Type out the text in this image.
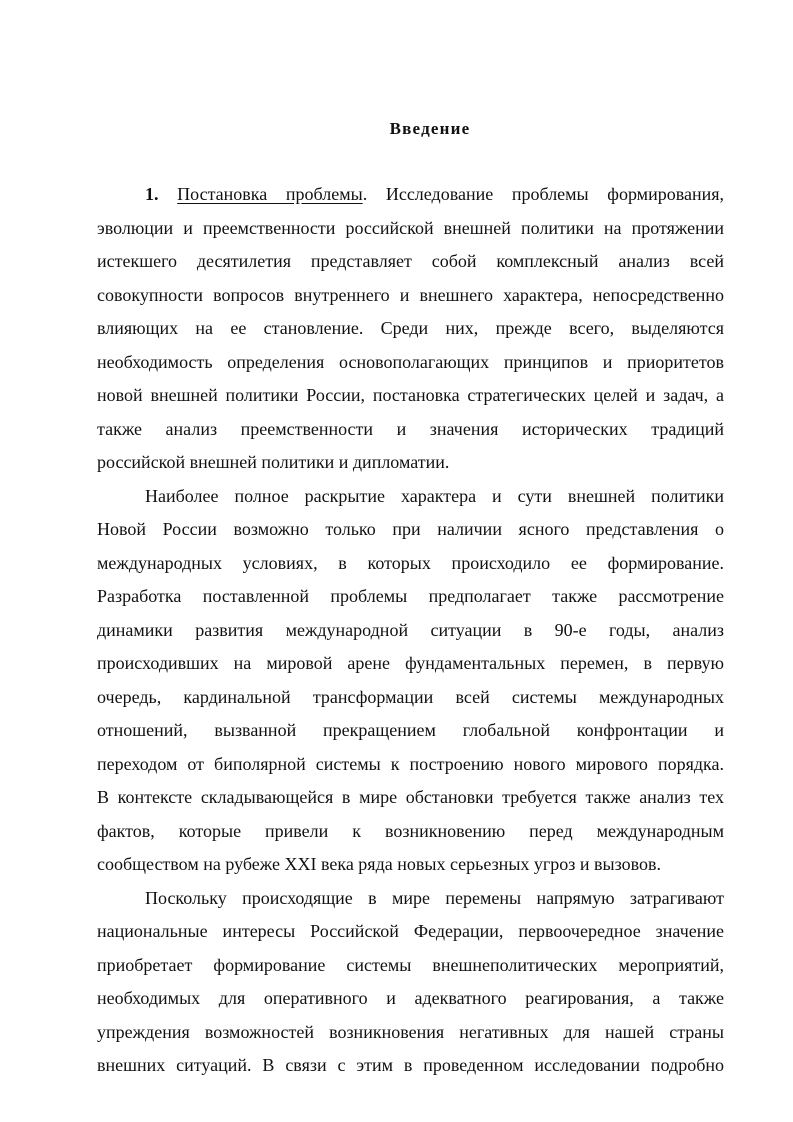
Введение
1. Постановка проблемы. Исследование проблемы формирования,
эволюции и преемственности российской внешней политики на протяжении
истекшего десятилетия представляет собой комплексный анализ всей
совокупности вопросов внутреннего и внешнего характера, непосредственно
влияющих на ее становление. Среди них, прежде всего, выделяются
необходимость определения основополагающих принципов и приоритетов
новой внешней политики России, постановка стратегических целей и задач, а
также анализ преемственности и значения исторических традиций
российской внешней политики и дипломатии.
Наиболее полное раскрытие характера и сути внешней политики
Новой России возможно только при наличии ясного представления о
международных условиях, в которых происходило ее формирование.
Разработка поставленной проблемы предполагает также рассмотрение
динамики развития международной ситуации в 90-е годы, анализ
происходивших на мировой арене фундаментальных перемен, в первую
очередь, кардинальной трансформации всей системы международных
отношений, вызванной прекращением глобальной конфронтации и
переходом от биполярной системы к построению нового мирового порядка.
В контексте складывающейся в мире обстановки требуется также анализ тех
фактов, которые привели к возникновению перед международным
сообществом на рубеже XXI века ряда новых серьезных угроз и вызовов.
Поскольку происходящие в мире перемены напрямую затрагивают
национальные интересы Российской Федерации, первоочередное значение
приобретает формирование системы внешнеполитических мероприятий,
необходимых для оперативного и адекватного реагирования, а также
упреждения возможностей возникновения негативных для нашей страны
внешних ситуаций. В связи с этим в проведенном исследовании подробно
